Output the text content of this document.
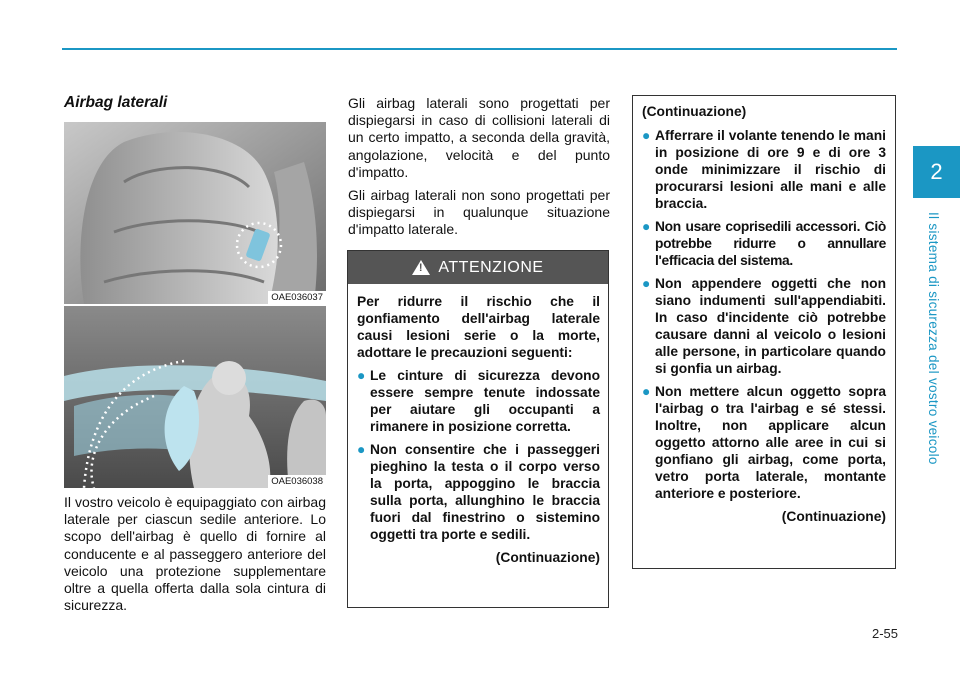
2
Il sistema di sicurezza del vostro veicolo
2-55
Airbag laterali
OAE036037
OAE036038

Il vostro veicolo è equipaggiato con airbag laterale per ciascun sedile anteriore. Lo scopo dell'airbag è quello di fornire al conducente e al passeggero anteriore del veicolo una protezione supplementare oltre a quella offerta dalla sola cintura di sicurezza.

Gli airbag laterali sono progettati per dispiegarsi in caso di collisioni laterali di un certo impatto, a seconda della gravità, angolazione, velocità e del punto d'impatto.

Gli airbag laterali non sono progettati per dispiegarsi in qualunque situazione d'impatto laterale.

!
ATTENZIONE

Per ridurre il rischio che il gonfiamento dell'airbag laterale causi lesioni serie o la morte, adottare le precauzioni seguenti:

● Le cinture di sicurezza devono essere sempre tenute indossate per aiutare gli occupanti a rimanere in posizione corretta.
● Non consentire che i passeggeri pieghino la testa o il corpo verso la porta, appoggino le braccia sulla porta, allunghino le braccia fuori dal finestrino o sistemino oggetti tra porte e sedili.
(Continuazione)
(Continuazione)
● Afferrare il volante tenendo le mani in posizione di ore 9 e di ore 3 onde minimizzare il rischio di procurarsi lesioni alle mani e alle braccia.
● Non usare coprisedili accessori. Ciò potrebbe ridurre o annullare l'efficacia del sistema.
● Non appendere oggetti che non siano indumenti sull'appendiabiti. In caso d'incidente ciò potrebbe causare danni al veicolo o lesioni alle persone, in particolare quando si gonfia un airbag.
● Non mettere alcun oggetto sopra l'airbag o tra l'airbag e sé stessi. Inoltre, non applicare alcun oggetto attorno alle aree in cui si gonfiano gli airbag, come porta, vetro porta laterale, montante anteriore e posteriore.
(Continuazione)
